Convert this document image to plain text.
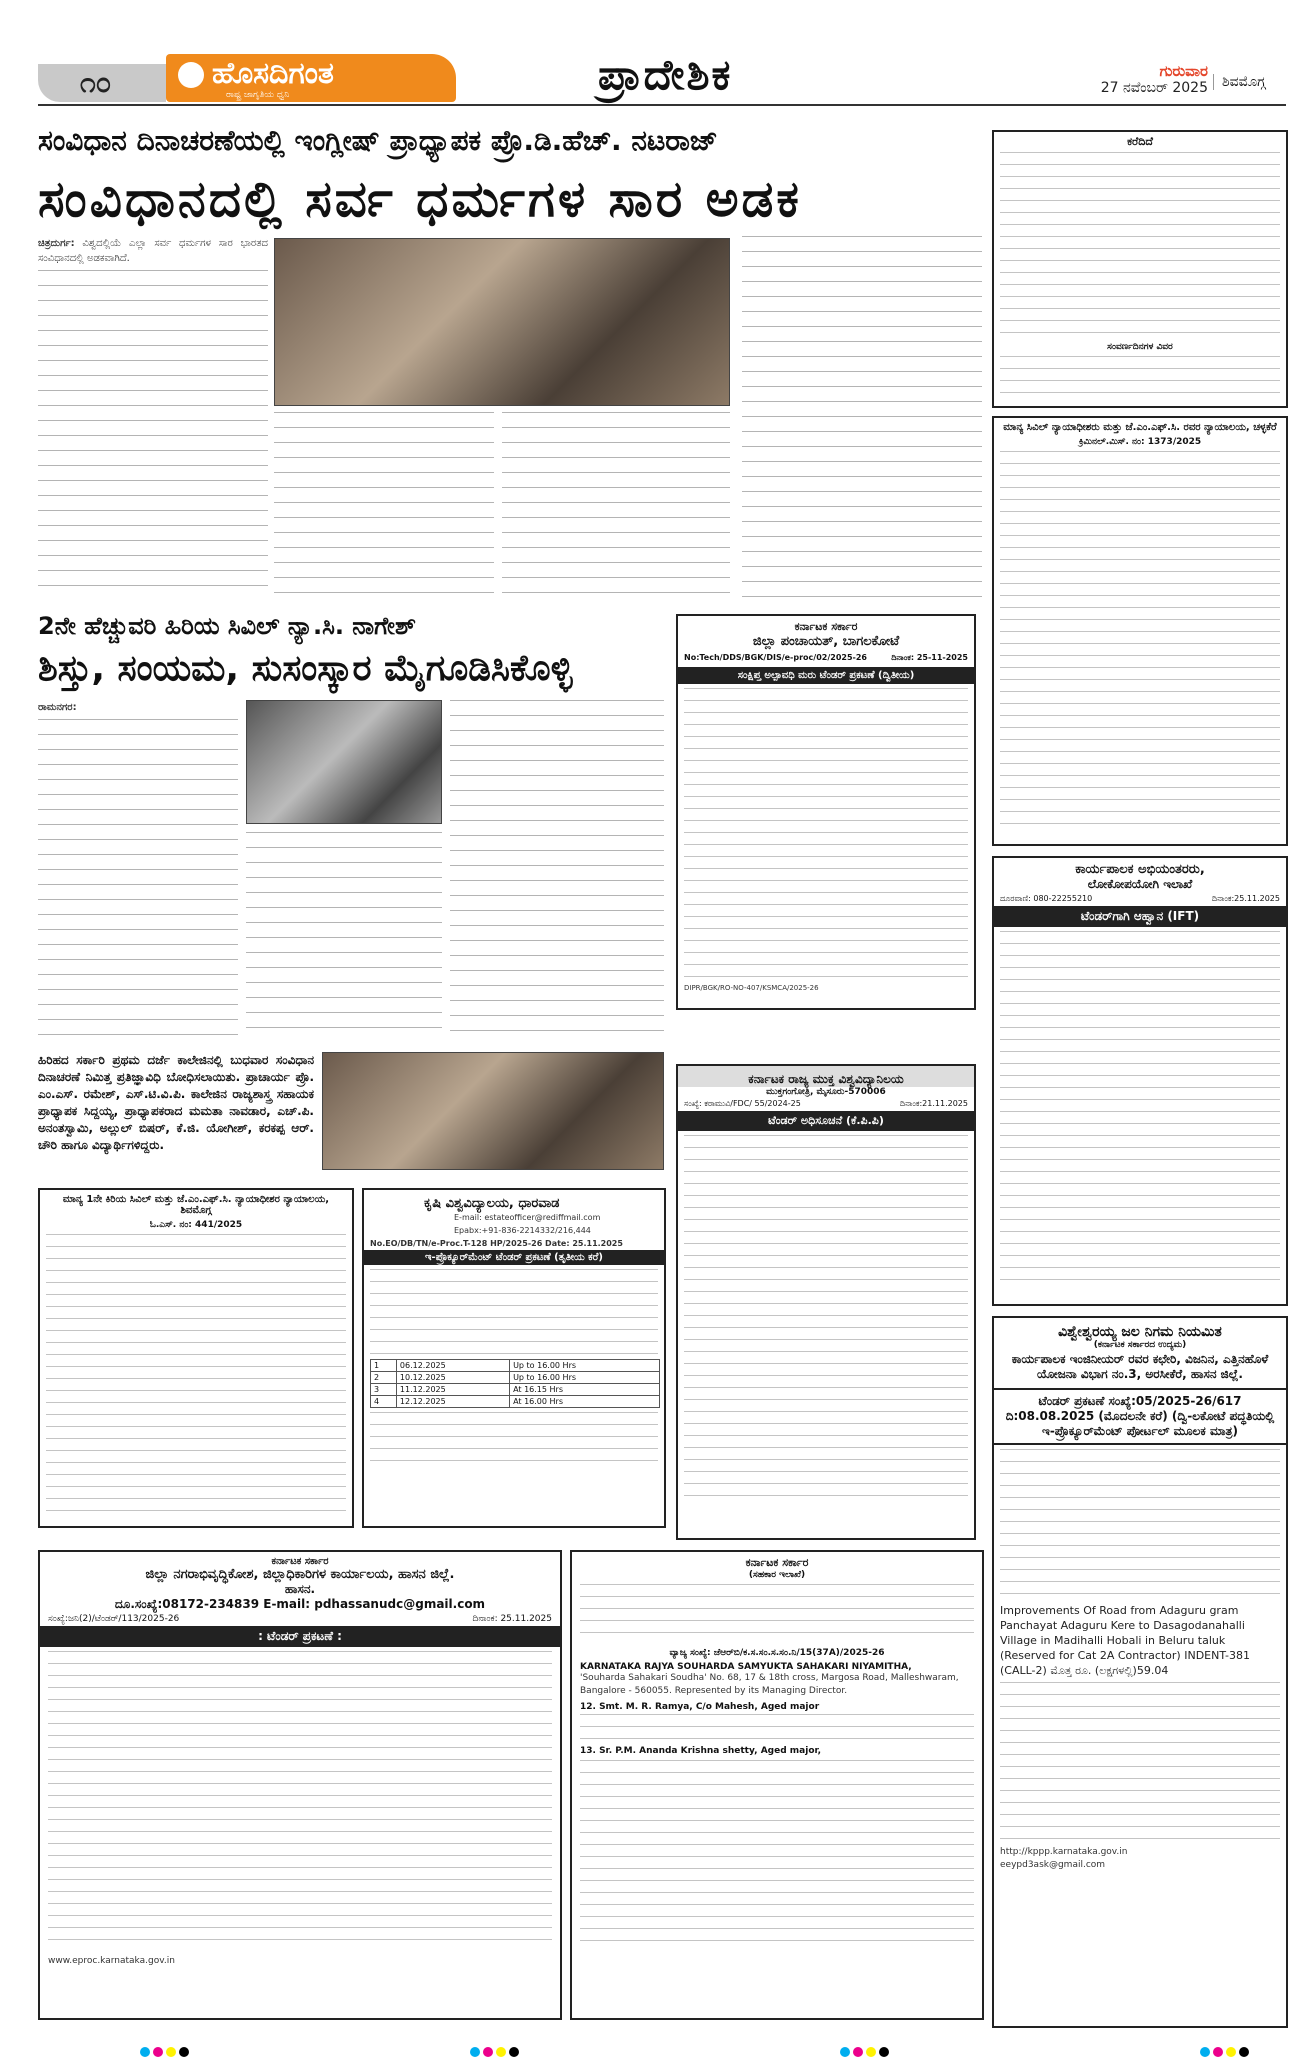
೧೦	ಹೊಸದಿಗಂತ
ರಾಷ್ಟ್ರ ಜಾಗೃತಿಯ ಧ್ವನಿ	ಪ್ರಾದೇಶಿಕ	ಗುರುವಾರ
27 ನವೆಂಬರ್ 2025	ಶಿವಮೊಗ್ಗ
ಸಂವಿಧಾನ ದಿನಾಚರಣೆಯಲ್ಲಿ ಇಂಗ್ಲೀಷ್ ಪ್ರಾಧ್ಯಾಪಕ ಪ್ರೊ.ಡಿ.ಹೆಚ್. ನಟರಾಜ್
ಸಂವಿಧಾನದಲ್ಲಿ ಸರ್ವ ಧರ್ಮಗಳ ಸಾರ ಅಡಕ
ಚಿತ್ರದುರ್ಗ: ವಿಶ್ವದಲ್ಲಿಯೆ ಎಲ್ಲಾ ಸರ್ವ ಧರ್ಮಗಳ ಸಾರ ಭಾರತದ ಸಂವಿಧಾನದಲ್ಲಿ ಅಡಕವಾಗಿದೆ.
2ನೇ ಹೆಚ್ಚುವರಿ ಹಿರಿಯ ಸಿವಿಲ್ ನ್ಯಾ.ಸಿ. ನಾಗೇಶ್
ಶಿಸ್ತು, ಸಂಯಮ, ಸುಸಂಸ್ಕಾರ ಮೈಗೂಡಿಸಿಕೊಳ್ಳಿ
ರಾಮನಗರ:
ಹಿರಿಹದ ಸರ್ಕಾರಿ ಪ್ರಥಮ ದರ್ಜೆ ಕಾಲೇಜಿನಲ್ಲಿ ಬುಧವಾರ ಸಂವಿಧಾನ ದಿನಾಚರಣೆ ನಿಮಿತ್ತ ಪ್ರತಿಜ್ಞಾವಿಧಿ ಬೋಧಿಸಲಾಯಿತು. ಪ್ರಾಚಾರ್ಯ ಪ್ರೊ. ಎಂ.ಎಸ್. ರಮೇಶ್, ಎಸ್.ಟಿ.ವಿ.ಪಿ. ಕಾಲೇಜಿನ ರಾಜ್ಯಶಾಸ್ತ್ರ ಸಹಾಯಕ ಪ್ರಾಧ್ಯಾಪಕ ಸಿದ್ದಯ್ಯ, ಪ್ರಾಧ್ಯಾಪಕರಾದ ಮಮತಾ ನಾವಡಾರ, ಎಚ್.ಪಿ. ಅನಂತಸ್ವಾಮಿ, ಅಲ್ಲುಲ್ ಬಿಷರ್, ಕೆ.ಜಿ. ಯೋಗೀಶ್, ಕರಕಪ್ಪ ಆರ್. ಚೌರಿ ಹಾಗೂ ವಿದ್ಯಾರ್ಥಿಗಳಿದ್ದರು.
ಕರೆದಿದೆ
ಸಂವರ್ಣದಿನಗಳ ವಿವರ
ಮಾನ್ಯ ಸಿವಿಲ್ ನ್ಯಾಯಾಧೀಶರು ಮತ್ತು ಜೆ.ಎಂ.ಎಫ್.ಸಿ. ರವರ ನ್ಯಾಯಾಲಯ, ಚಳ್ಳಕೆರೆ
ಕ್ರಿಮಿನಲ್.ಮಿಸ್. ನಂ: 1373/2025
ಕರ್ನಾಟಕ ಸರ್ಕಾರ
ಜಿಲ್ಲಾ ಪಂಚಾಯತ್, ಬಾಗಲಕೋಟೆ
No:Tech/DDS/BGK/DIS/e-proc/02/2025-26	ದಿನಾಂಕ: 25-11-2025
ಸಂಕ್ಷಿಪ್ತ ಅಲ್ಪಾವಧಿ ಮರು ಟೆಂಡರ್ ಪ್ರಕಟಣೆ (ದ್ವಿತೀಯ)
DIPR/BGK/RO-NO-407/KSMCA/2025-26
ಕಾರ್ಯಪಾಲಕ ಅಭಿಯಂತರರು,
ಲೋಕೋಪಯೋಗಿ ಇಲಾಖೆ
ದೂರವಾಣಿ: 080-22255210	ದಿನಾಂಕ:25.11.2025
ಟೆಂಡರ್‌ಗಾಗಿ ಆಹ್ವಾನ (IFT)
ಕರ್ನಾಟಕ ರಾಜ್ಯ ಮುಕ್ತ ವಿಶ್ವವಿದ್ಯಾನಿಲಯ
ಮುಕ್ತಗಂಗೋತ್ರಿ, ಮೈಸೂರು-570006
ಸಂಖ್ಯೆ: ಕರಾಮುವಿ/FDC/ 55/2024-25	ದಿನಾಂಕ:21.11.2025
ಟೆಂಡರ್ ಅಧಿಸೂಚನೆ (ಕೆ.ಪಿ.ಪಿ)
ಮಾನ್ಯ 1ನೇ ಕಿರಿಯ ಸಿವಿಲ್ ಮತ್ತು ಜೆ.ಎಂ.ಎಫ್.ಸಿ. ನ್ಯಾಯಾಧೀಶರ ನ್ಯಾಯಾಲಯ, ಶಿವಮೊಗ್ಗ
ಓ.ಎಸ್. ನಂ: 441/2025
ಕೃಷಿ ವಿಶ್ವವಿದ್ಯಾಲಯ, ಧಾರವಾಡ
E-mail: estateofficer@rediffmail.com
Epabx:+91-836-2214332/216,444
No.EO/DB/TN/e-Proc.T-128 HP/2025-26 Date: 25.11.2025
ಇ-ಪ್ರೊಕ್ಯೂರ್‌ಮೆಂಟ್ ಟೆಂಡರ್ ಪ್ರಕಟಣೆ (ತೃತೀಯ ಕರೆ)
1	06.12.2025	Up to 16.00 Hrs
2	10.12.2025	Up to 16.00 Hrs
3	11.12.2025	At 16.15 Hrs
4	12.12.2025	At 16.00 Hrs
ವಿಶ್ವೇಶ್ವರಯ್ಯ ಜಲ ನಿಗಮ ನಿಯಮಿತ
(ಕರ್ನಾಟಕ ಸರ್ಕಾರದ ಉದ್ಯಮ)
ಕಾರ್ಯಪಾಲಕ ಇಂಜಿನೀಯರ್ ರವರ ಕಛೇರಿ, ವಿಜನಿನ, ಎತ್ತಿನಹೊಳೆ ಯೋಜನಾ ವಿಭಾಗ ನಂ.3, ಅರಸೀಕೆರೆ, ಹಾಸನ ಜಿಲ್ಲೆ.
ಟೆಂಡರ್ ಪ್ರಕಟಣೆ ಸಂಖ್ಯೆ:05/2025-26/617 ದಿ:08.08.2025 (ಮೊದಲನೇ ಕರೆ) (ದ್ವಿ-ಲಕೋಟೆ ಪದ್ಧತಿಯಲ್ಲಿ ಇ-ಪ್ರೊಕ್ಯೂರ್‌ಮೆಂಟ್ ಪೋರ್ಟಲ್ ಮೂಲಕ ಮಾತ್ರ)
Improvements Of Road from Adaguru gram Panchayat Adaguru Kere to Dasagodanahalli Village in Madihalli Hobali in Beluru taluk (Reserved for Cat 2A Contractor) INDENT-381 (CALL-2) ಮೊತ್ತ ರೂ. (ಲಕ್ಷಗಳಲ್ಲಿ)59.04
http://kppp.karnataka.gov.in
eeypd3ask@gmail.com
ಕರ್ನಾಟಕ ಸರ್ಕಾರ
ಜಿಲ್ಲಾ ನಗರಾಭಿವೃದ್ಧಿಕೋಶ, ಜಿಲ್ಲಾಧಿಕಾರಿಗಳ ಕಾರ್ಯಾಲಯ, ಹಾಸನ ಜಿಲ್ಲೆ.
ಹಾಸನ.
ದೂ.ಸಂಖ್ಯೆ:08172-234839 E-mail: pdhassanudc@gmail.com
ಸಂಖ್ಯೆ:ಜನಿ(2)/ಟೆಂಡರ್/113/2025-26	ದಿನಾಂಕ: 25.11.2025
: ಟೆಂಡರ್ ಪ್ರಕಟಣೆ :
www.eproc.karnataka.gov.in
ಕರ್ನಾಟಕ ಸರ್ಕಾರ
(ಸಹಕಾರ ಇಲಾಖೆ)
ವ್ಯಾಜ್ಯ ಸಂಖ್ಯೆ: ಜೆಆರ್‌ಬಿ/ಕ.ಸ.ಸಂ.ಸ.ಸಂ.ನಿ/15(37A)/2025-26
KARNATAKA RAJYA SOUHARDA SAMYUKTA SAHAKARI NIYAMITHA,
'Souharda Sahakari Soudha' No. 68, 17 & 18th cross, Margosa Road, Malleshwaram, Bangalore - 560055. Represented by its Managing Director.
12. Smt. M. R. Ramya, C/o Mahesh, Aged major
13. Sr. P.M. Ananda Krishna shetty, Aged major,
